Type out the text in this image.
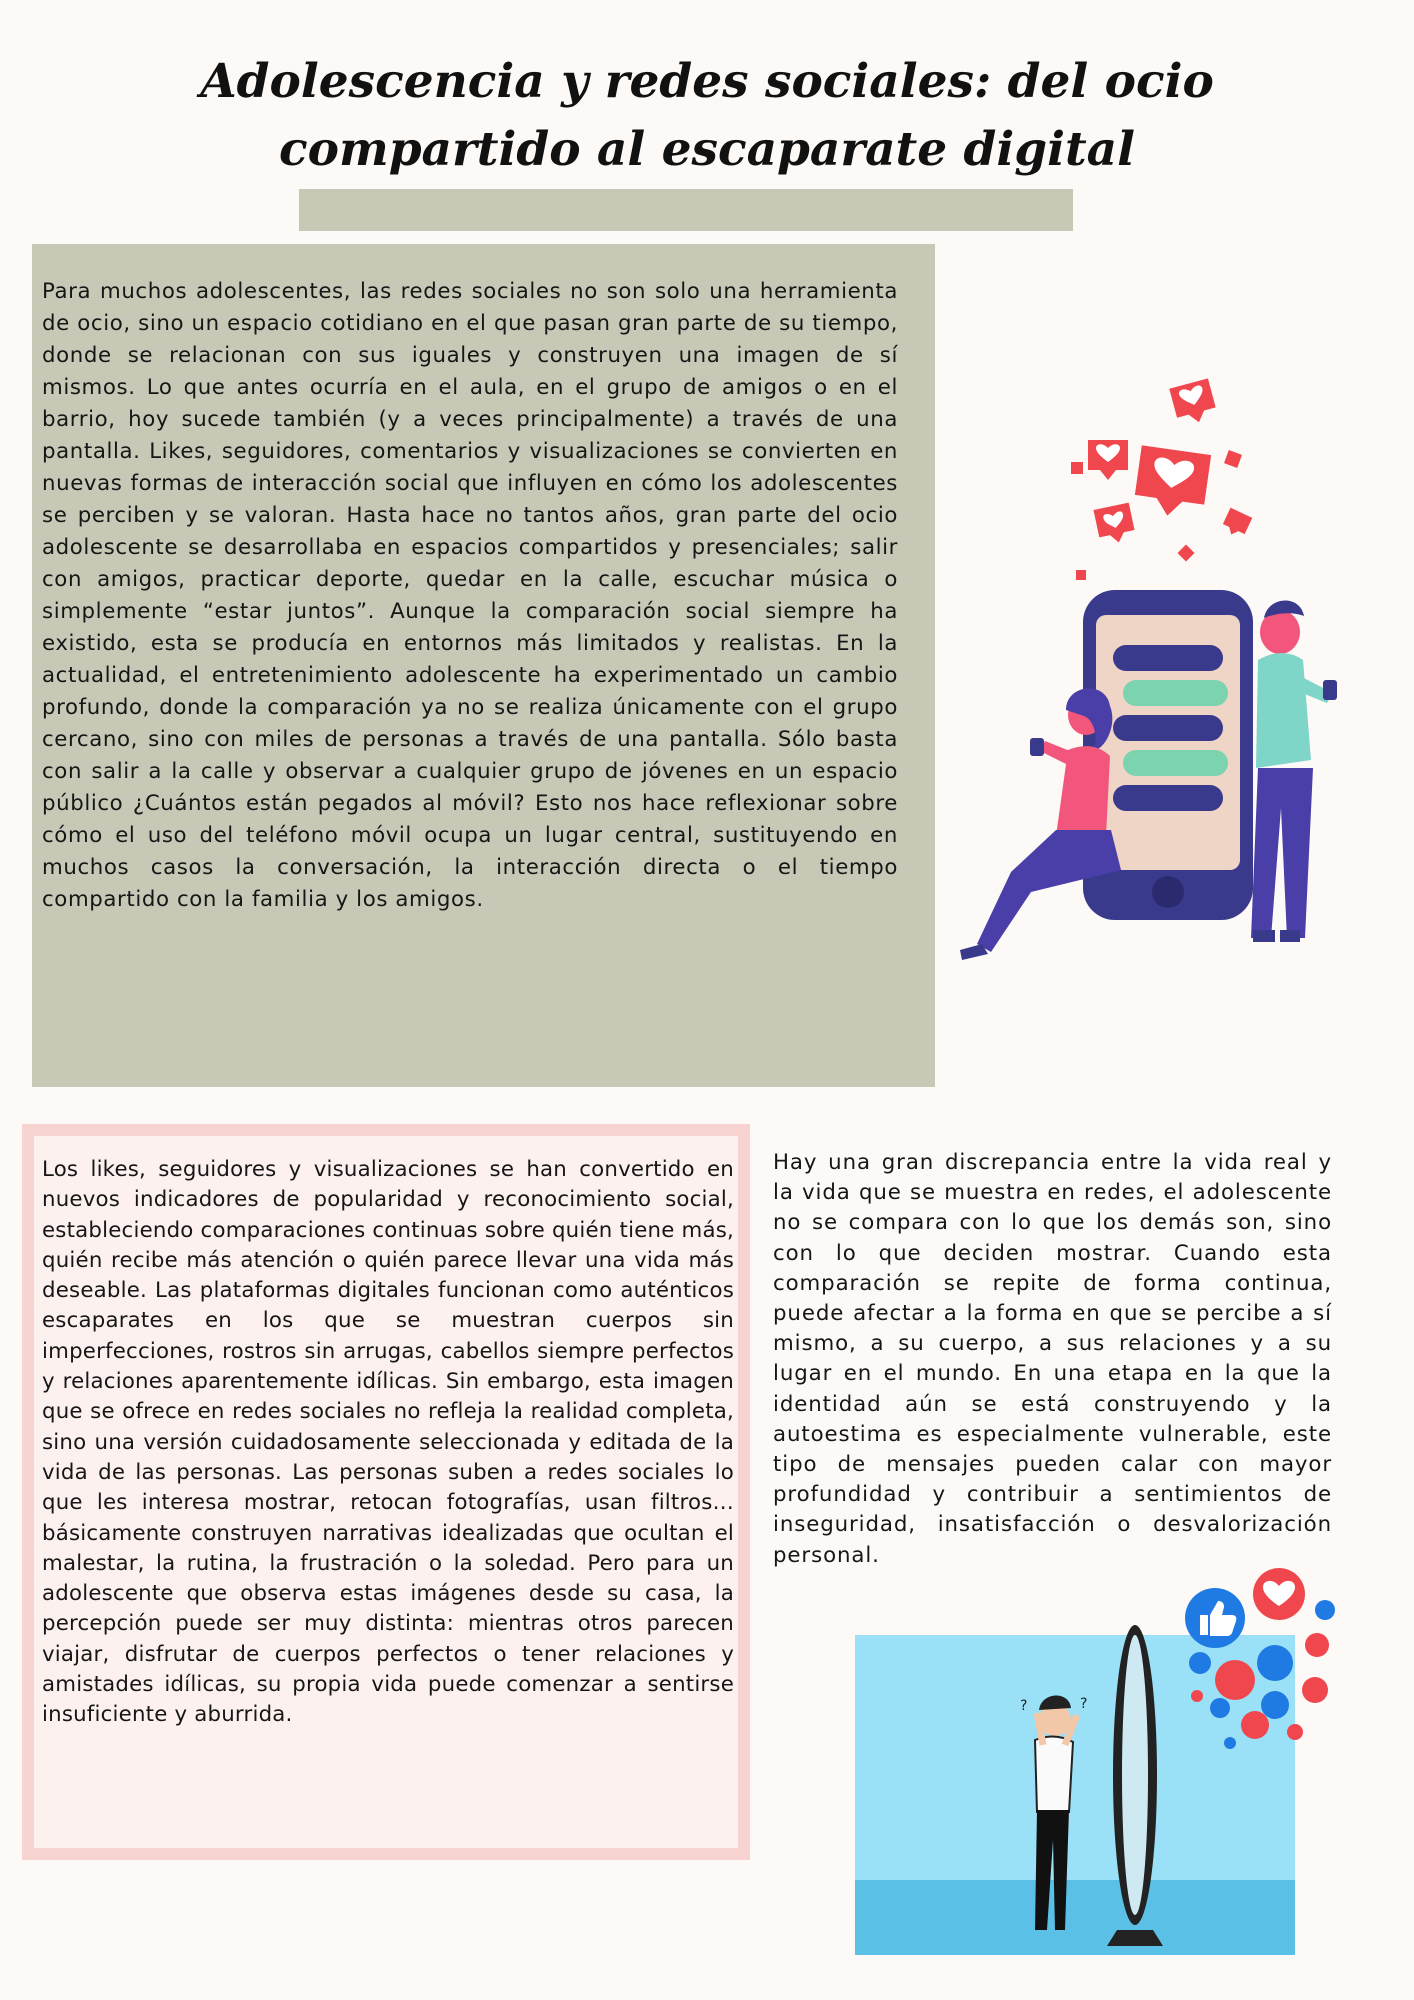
Adolescencia y redes sociales: del ocio compartido al escaparate digital

Para muchos adolescentes, las redes sociales no son solo una herramienta de ocio, sino un espacio cotidiano en el que pasan gran parte de su tiempo, donde se relacionan con sus iguales y construyen una imagen de sí mismos. Lo que antes ocurría en el aula, en el grupo de amigos o en el barrio, hoy sucede también (y a veces principalmente) a través de una pantalla. Likes, seguidores, comentarios y visualizaciones se convierten en nuevas formas de interacción social que influyen en cómo los adolescentes se perciben y se valoran. Hasta hace no tantos años, gran parte del ocio adolescente se desarrollaba en espacios compartidos y presenciales; salir con amigos, practicar deporte, quedar en la calle, escuchar música o simplemente “estar juntos”. Aunque la comparación social siempre ha existido, esta se producía en entornos más limitados y realistas. En la actualidad, el entretenimiento adolescente ha experimentado un cambio profundo, donde la comparación ya no se realiza únicamente con el grupo cercano, sino con miles de personas a través de una pantalla. Sólo basta con salir a la calle y observar a cualquier grupo de jóvenes en un espacio público ¿Cuántos están pegados al móvil? Esto nos hace reflexionar sobre cómo el uso del teléfono móvil ocupa un lugar central, sustituyendo en muchos casos la conversación, la interacción directa o el tiempo compartido con la familia y los amigos.

Los likes, seguidores y visualizaciones se han convertido en nuevos indicadores de popularidad y reconocimiento social, estableciendo comparaciones continuas sobre quién tiene más, quién recibe más atención o quién parece llevar una vida más deseable. Las plataformas digitales funcionan como auténticos escaparates en los que se muestran cuerpos sin imperfecciones, rostros sin arrugas, cabellos siempre perfectos y relaciones aparentemente idílicas. Sin embargo, esta imagen que se ofrece en redes sociales no refleja la realidad completa, sino una versión cuidadosamente seleccionada y editada de la vida de las personas. Las personas suben a redes sociales lo que les interesa mostrar, retocan fotografías, usan filtros…básicamente construyen narrativas idealizadas que ocultan el malestar, la rutina, la frustración o la soledad. Pero para un adolescente que observa estas imágenes desde su casa, la percepción puede ser muy distinta: mientras otros parecen viajar, disfrutar de cuerpos perfectos o tener relaciones y amistades idílicas, su propia vida puede comenzar a sentirse insuficiente y aburrida.

Hay una gran discrepancia entre la vida real y la vida que se muestra en redes, el adolescente no se compara con lo que los demás son, sino con lo que deciden mostrar. Cuando esta comparación se repite de forma continua, puede afectar a la forma en que se percibe a sí mismo, a su cuerpo, a sus relaciones y a su lugar en el mundo. En una etapa en la que la identidad aún se está construyendo y la autoestima es especialmente vulnerable, este tipo de mensajes pueden calar con mayor profundidad y contribuir a sentimientos de inseguridad, insatisfacción o desvalorización personal.

?	?
